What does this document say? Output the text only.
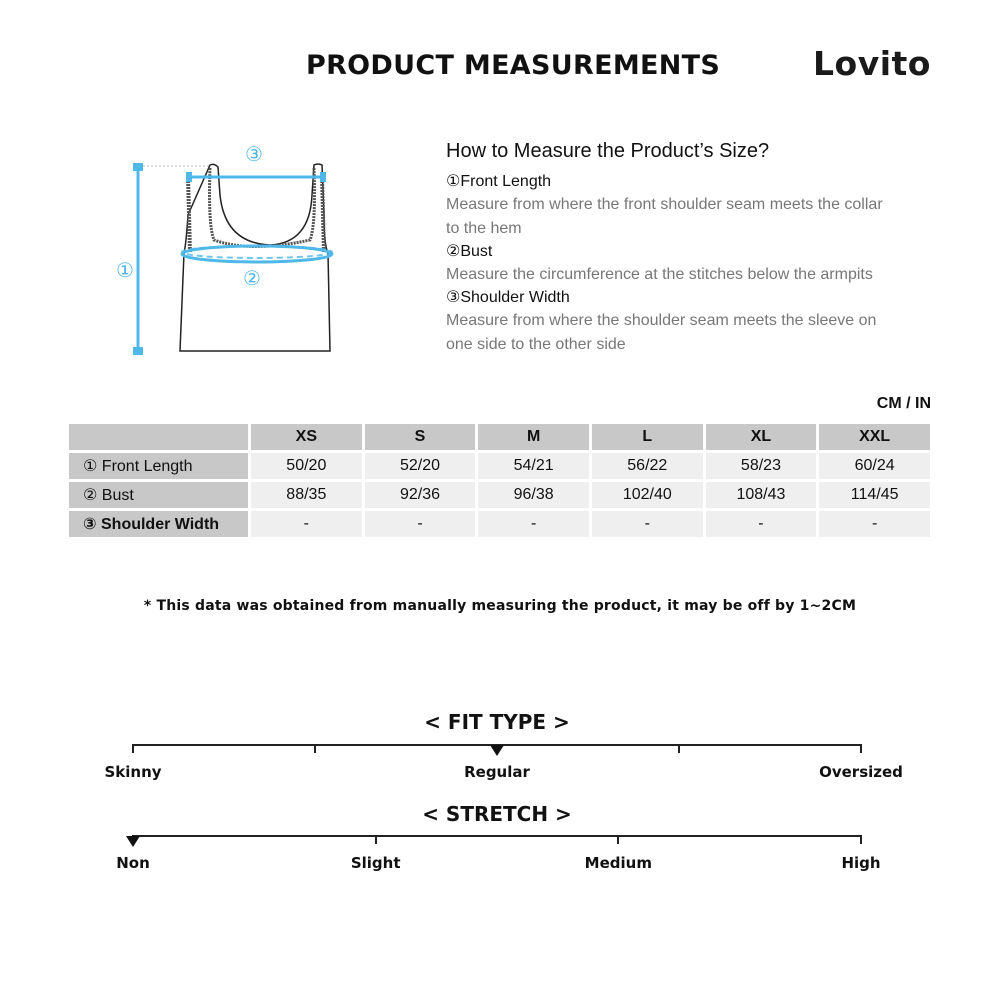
PRODUCT MEASUREMENTS	Lovito
①	②
③	How to Measure the Product’s Size?
①Front Length
Measure from where the front shoulder seam meets the collar to the hem
②Bust
Measure the circumference at the stitches below the armpits
③Shoulder Width
Measure from where the shoulder seam meets the sleeve on one side to the other side
CM / IN
	XS	S	M	L	XL	XXL
① Front Length	50/20	52/20	54/21	56/22	58/23	60/24
② Bust	88/35	92/36	96/38	102/40	108/43	114/45
③ Shoulder Width	-	-	-	-	-	-
* This data was obtained from manually measuring the product, it may be off by 1~2CM
< FIT TYPE >
Skinny	Regular	Oversized
< STRETCH >
Non	Slight	Medium	High
